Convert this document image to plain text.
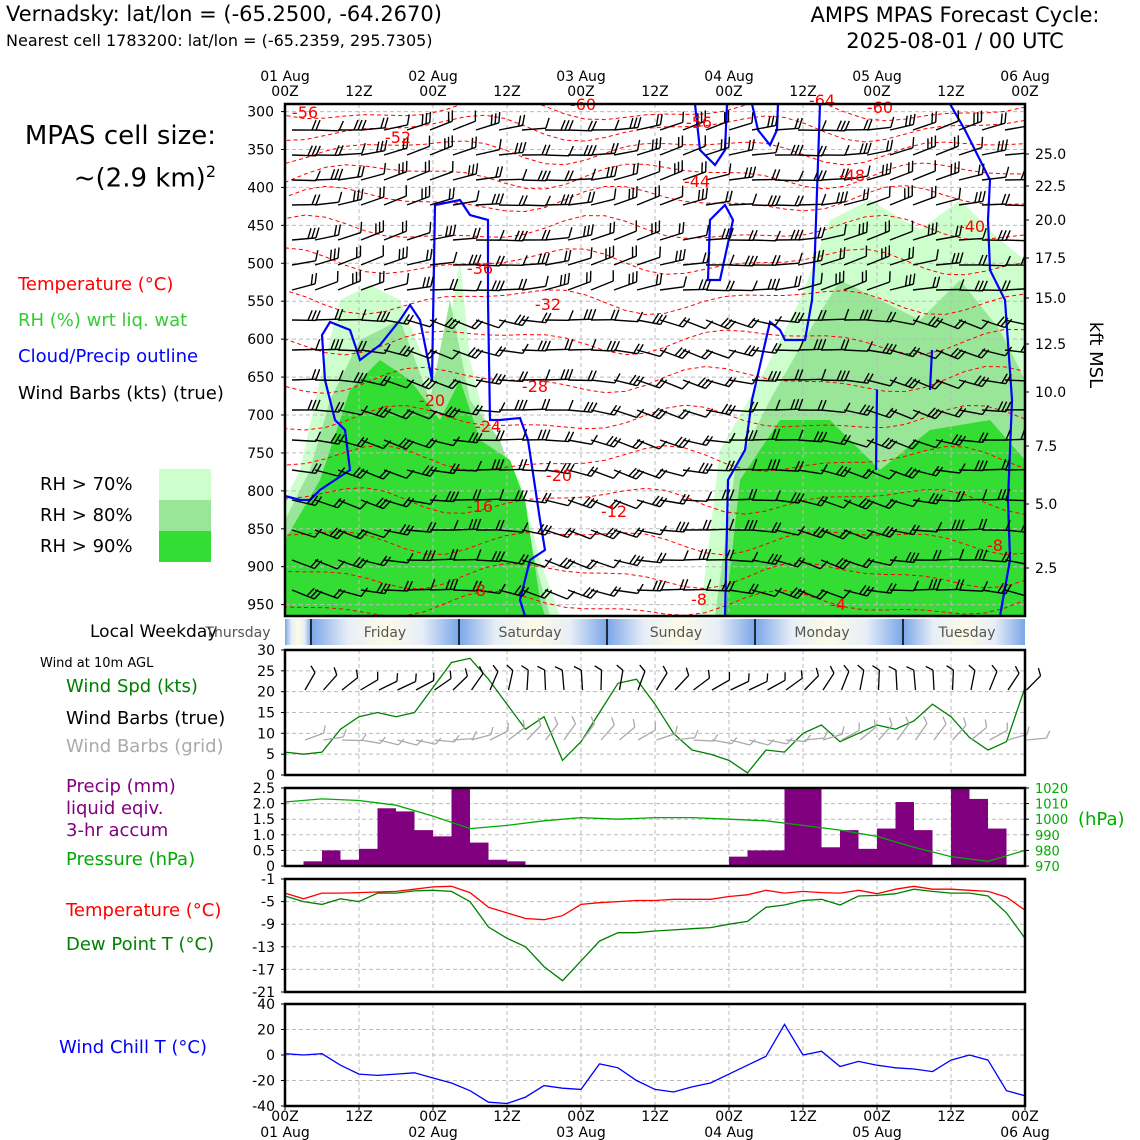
Vernadsky: lat/lon = (-65.2500, -64.2670)
Nearest cell 1783200: lat/lon = (-65.2359, 295.7305)
AMPS MPAS Forecast Cycle:
2025-08-01 / 00 UTC
MPAS cell size:
~(2.9 km)$^2$
Temperature (°C)
RH (%) wrt liq. wat
Cloud/Precip outline
Wind Barbs (kts) (true)
RH > 70%
RH > 80%
RH > 90%
Local Weekday
Wind at 10m AGL
Wind Spd (kts)
Wind Barbs (true)
Wind Barbs (grid)
Precip (mm)
liquid eqiv.
3-hr accum
Pressure (hPa)
(hPa)
Temperature (°C)
Dew Point T (°C)
Wind Chill T (°C)
-56
-52
-60
-56
-64 -60
-44	-48
-40
-36
-32
-28
-20
-24
-20
-16	-12
-8	-8	-4
-8
01 Aug
00Z	12Z
02 Aug
00Z	12Z
03 Aug
00Z	12Z
04 Aug
00Z	12Z
05 Aug
00Z	12Z
06 Aug
00Z
300
350
400
450
500
550
600
650
700
750
800
850
900
950
25.0
22.5
20.0
17.5
15.0
12.5
10.0
7.5
5.0
2.5
kft MSL
Thursday	Friday	Saturday	Sunday	Monday	Tuesday
30
25
20
15
10
5
0
2.5
2.0
1.5
1.0
0.5
0
1020
1010
1000
990
980
970
-1
-5
-9
-13
-17
-21
40
20
0
-20
-40
00Z
01 Aug
12Z	00Z
02 Aug
12Z	00Z
03 Aug
12Z	00Z
04 Aug
12Z	00Z
05 Aug
12Z	00Z
06 Aug
